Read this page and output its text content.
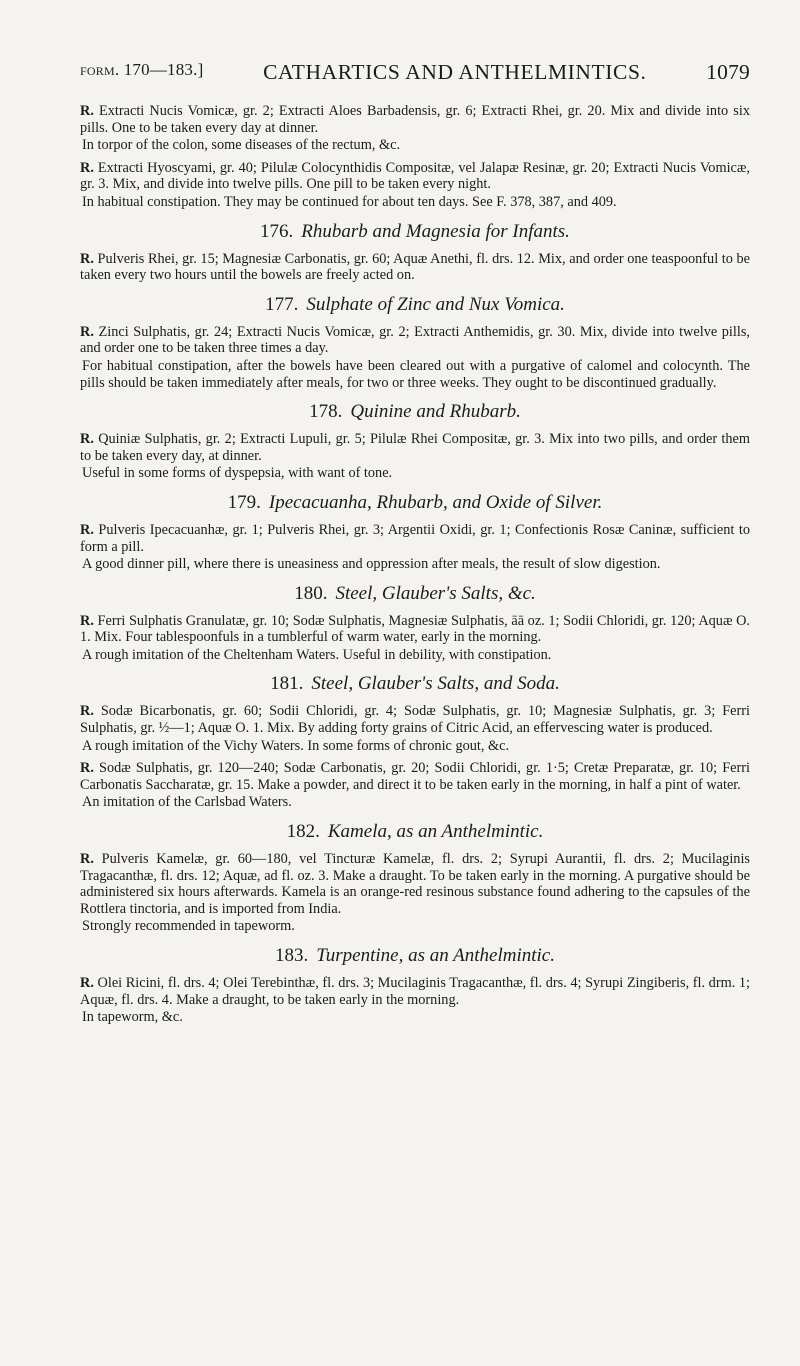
form. 170—183.]	CATHARTICS AND ANTHELMINTICS.	1079

R. Extracti Nucis Vomicæ, gr. 2; Extracti Aloes Barbadensis, gr. 6; Extracti Rhei, gr. 20. Mix and divide into six pills. One to be taken every day at dinner.

In torpor of the colon, some diseases of the rectum, &c.

R. Extracti Hyoscyami, gr. 40; Pilulæ Colocynthidis Compositæ, vel Jalapæ Resinæ, gr. 20; Extracti Nucis Vomicæ, gr. 3. Mix, and divide into twelve pills. One pill to be taken every night.

In habitual constipation. They may be continued for about ten days. See F. 378, 387, and 409.

176. Rhubarb and Magnesia for Infants.

R. Pulveris Rhei, gr. 15; Magnesiæ Carbonatis, gr. 60; Aquæ Anethi, fl. drs. 12. Mix, and order one teaspoonful to be taken every two hours until the bowels are freely acted on.

177. Sulphate of Zinc and Nux Vomica.

R. Zinci Sulphatis, gr. 24; Extracti Nucis Vomicæ, gr. 2; Extracti Anthemidis, gr. 30. Mix, divide into twelve pills, and order one to be taken three times a day.

For habitual constipation, after the bowels have been cleared out with a purgative of calomel and colocynth. The pills should be taken immediately after meals, for two or three weeks. They ought to be discontinued gradually.

178. Quinine and Rhubarb.

R. Quiniæ Sulphatis, gr. 2; Extracti Lupuli, gr. 5; Pilulæ Rhei Compositæ, gr. 3. Mix into two pills, and order them to be taken every day, at dinner.

Useful in some forms of dyspepsia, with want of tone.

179. Ipecacuanha, Rhubarb, and Oxide of Silver.

R. Pulveris Ipecacuanhæ, gr. 1; Pulveris Rhei, gr. 3; Argentii Oxidi, gr. 1; Confectionis Rosæ Caninæ, sufficient to form a pill.

A good dinner pill, where there is uneasiness and oppression after meals, the result of slow digestion.

180. Steel, Glauber's Salts, &c.

R. Ferri Sulphatis Granulatæ, gr. 10; Sodæ Sulphatis, Magnesiæ Sulphatis, āā oz. 1; Sodii Chloridi, gr. 120; Aquæ O. 1. Mix. Four tablespoonfuls in a tumblerful of warm water, early in the morning.

A rough imitation of the Cheltenham Waters. Useful in debility, with constipation.

181. Steel, Glauber's Salts, and Soda.

R. Sodæ Bicarbonatis, gr. 60; Sodii Chloridi, gr. 4; Sodæ Sulphatis, gr. 10; Magnesiæ Sulphatis, gr. 3; Ferri Sulphatis, gr. ½—1; Aquæ O. 1. Mix. By adding forty grains of Citric Acid, an effervescing water is produced.

A rough imitation of the Vichy Waters. In some forms of chronic gout, &c.

R. Sodæ Sulphatis, gr. 120—240; Sodæ Carbonatis, gr. 20; Sodii Chloridi, gr. 1·5; Cretæ Preparatæ, gr. 10; Ferri Carbonatis Saccharatæ, gr. 15. Make a powder, and direct it to be taken early in the morning, in half a pint of water.

An imitation of the Carlsbad Waters.

182. Kamela, as an Anthelmintic.

R. Pulveris Kamelæ, gr. 60—180, vel Tincturæ Kamelæ, fl. drs. 2; Syrupi Aurantii, fl. drs. 2; Mucilaginis Tragacanthæ, fl. drs. 12; Aquæ, ad fl. oz. 3. Make a draught. To be taken early in the morning. A purgative should be administered six hours afterwards. Kamela is an orange-red resinous substance found adhering to the capsules of the Rottlera tinctoria, and is imported from India.

Strongly recommended in tapeworm.

183. Turpentine, as an Anthelmintic.

R. Olei Ricini, fl. drs. 4; Olei Terebinthæ, fl. drs. 3; Mucilaginis Tragacanthæ, fl. drs. 4; Syrupi Zingiberis, fl. drm. 1; Aquæ, fl. drs. 4. Make a draught, to be taken early in the morning.

In tapeworm, &c.
